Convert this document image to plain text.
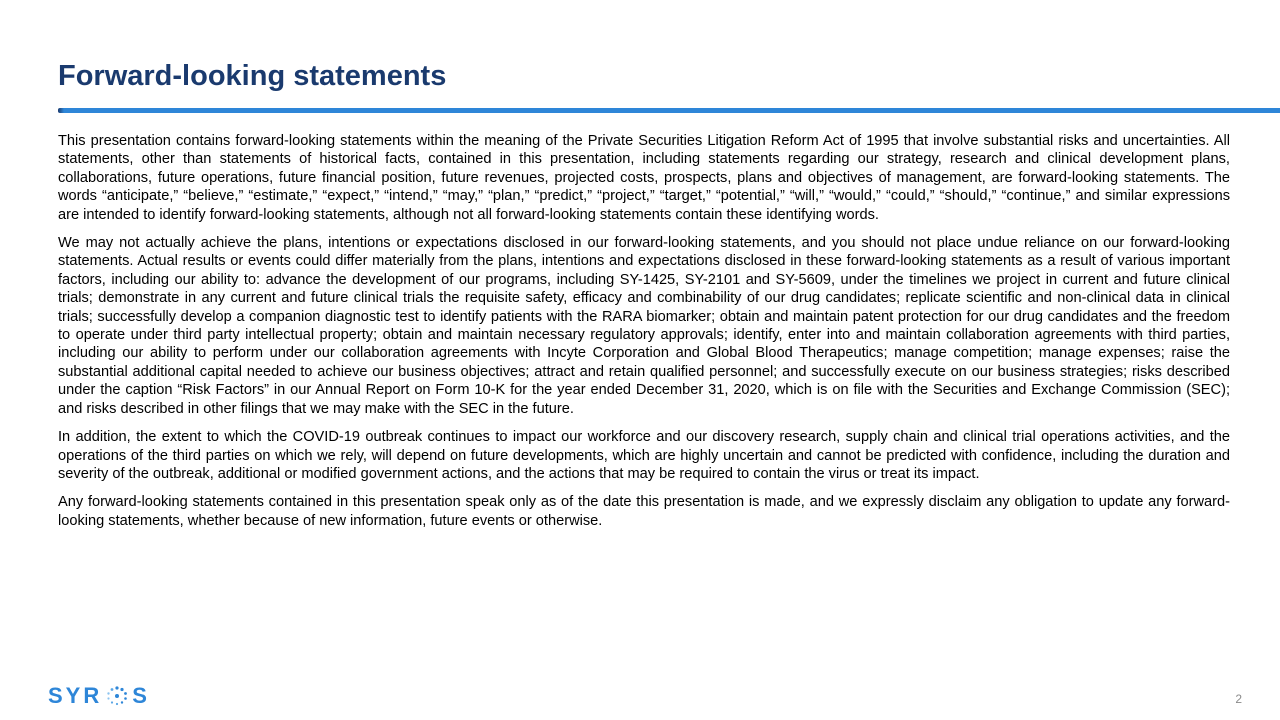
Forward-looking statements

This presentation contains forward-looking statements within the meaning of the Private Securities Litigation Reform Act of 1995 that involve substantial risks and uncertainties. All statements, other than statements of historical facts, contained in this presentation, including statements regarding our strategy, research and clinical development plans, collaborations, future operations, future financial position, future revenues, projected costs, prospects, plans and objectives of management, are forward-looking statements. The words “anticipate,” “believe,” “estimate,” “expect,” “intend,” “may,” “plan,” “predict,” “project,” “target,” “potential,” “will,” “would,” “could,” “should,” “continue,” and similar expressions are intended to identify forward-looking statements, although not all forward-looking statements contain these identifying words.

We may not actually achieve the plans, intentions or expectations disclosed in our forward-looking statements, and you should not place undue reliance on our forward-looking statements. Actual results or events could differ materially from the plans, intentions and expectations disclosed in these forward-looking statements as a result of various important factors, including our ability to: advance the development of our programs, including SY-1425, SY-2101 and SY-5609, under the timelines we project in current and future clinical trials; demonstrate in any current and future clinical trials the requisite safety, efficacy and combinability of our drug candidates; replicate scientific and non-clinical data in clinical trials; successfully develop a companion diagnostic test to identify patients with the RARA biomarker; obtain and maintain patent protection for our drug candidates and the freedom to operate under third party intellectual property; obtain and maintain necessary regulatory approvals; identify, enter into and maintain collaboration agreements with third parties, including our ability to perform under our collaboration agreements with Incyte Corporation and Global Blood Therapeutics; manage competition; manage expenses; raise the substantial additional capital needed to achieve our business objectives; attract and retain qualified personnel; and successfully execute on our business strategies; risks described under the caption “Risk Factors” in our Annual Report on Form 10-K for the year ended December 31, 2020, which is on file with the Securities and Exchange Commission (SEC); and risks described in other filings that we may make with the SEC in the future.

In addition, the extent to which the COVID-19 outbreak continues to impact our workforce and our discovery research, supply chain and clinical trial operations activities, and the operations of the third parties on which we rely, will depend on future developments, which are highly uncertain and cannot be predicted with confidence, including the duration and severity of the outbreak, additional or modified government actions, and the actions that may be required to contain the virus or treat its impact.

Any forward-looking statements contained in this presentation speak only as of the date this presentation is made, and we expressly disclaim any obligation to update any forward-looking statements, whether because of new information, future events or otherwise.

SYR S	2
